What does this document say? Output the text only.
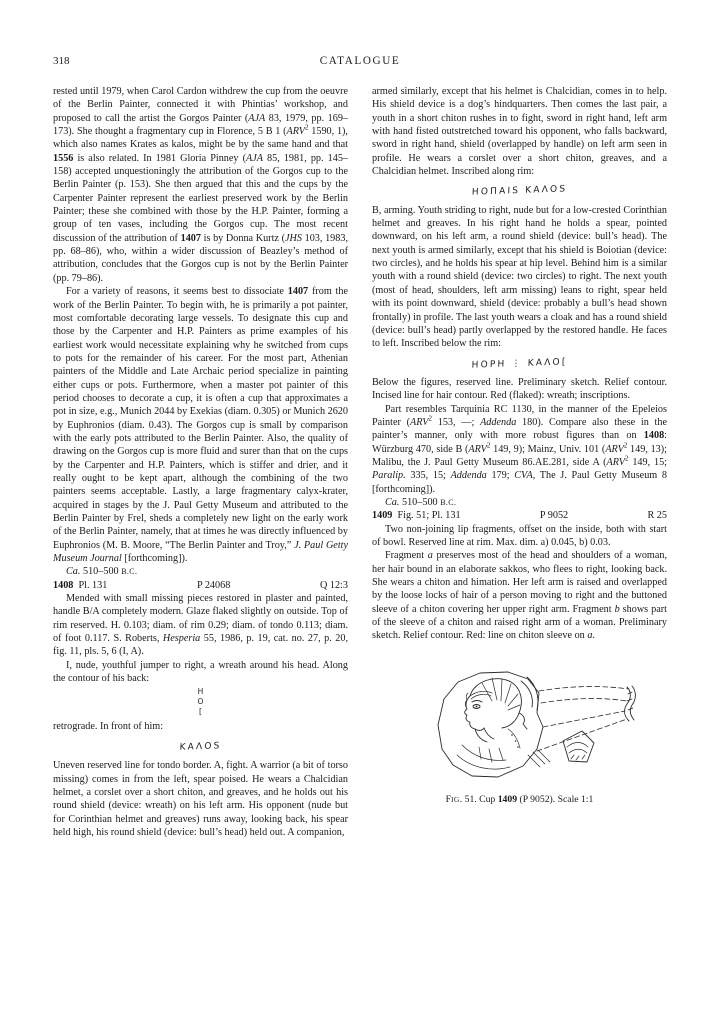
318	CATALOGUE

rested until 1979, when Carol Cardon withdrew the cup from the oeuvre of the Berlin Painter, connected it with Phintias’ workshop, and proposed to call the artist the Gorgos Painter (AJA 83, 1979, pp. 169–173). She thought a fragmentary cup in Florence, 5 B 1 (ARV$^2$ 1590, 1), which also names Krates as kalos, might be by the same hand and that 1556 is also related. In 1981 Gloria Pinney (AJA 85, 1981, pp. 145–158) accepted unquestioningly the attribution of the Gorgos cup to the Berlin Painter (p. 153). She then argued that this and the cups by the Carpenter Painter represent the earliest preserved work by the Berlin Painter; these she combined with those by the H.P. Painter, forming a group of ten vases, including the Gorgos cup. The most recent discussion of the attribution of 1407 is by Donna Kurtz (JHS 103, 1983, pp. 68–86), who, within a wider discussion of Beazley’s method of attribution, concludes that the Gorgos cup is not by the Berlin Painter (pp. 79–86).

For a variety of reasons, it seems best to dissociate 1407 from the work of the Berlin Painter. To begin with, he is primarily a pot painter, most comfortable decorating large vessels. To designate this cup and those by the Carpenter and H.P. Painters as prime examples of his earliest work would necessitate explaining why he switched from cups to pots for the remainder of his career. For the most part, Athenian painters of the Middle and Late Archaic period specialize in painting either cups or pots. Furthermore, when a master pot painter of this period chooses to decorate a cup, it is often a cup that approximates a pot in size, e.g., Munich 2044 by Exekias (diam. 0.305) or Munich 2620 by Euphronios (diam. 0.43). The Gorgos cup is small by comparison with the early pots attributed to the Berlin Painter. Also, the quality of drawing on the Gorgos cup is more fluid and surer than that on the cups by the Carpenter and H.P. Painters, which is stiffer and drier, and it really ought to be kept apart, although the combining of the two painters seems acceptable. Lastly, a large fragmentary calyx-krater, acquired in stages by the J. Paul Getty Museum and attributed to the Berlin Painter by Frel, sheds a completely new light on the early work of the Berlin Painter, namely, that at times he was directly influenced by Euphronios (M. B. Moore, “The Berlin Painter and Troy,” J. Paul Getty Museum Journal [forthcoming]).

Ca. 510–500 B.C.

1408 Pl. 131	P 24068	Q 12:3

Mended with small missing pieces restored in plaster and painted, handle B/A completely modern. Glaze flaked slightly on outside. Top of rim reserved. H. 0.103; diam. of rim 0.29; diam. of tondo 0.113; diam. of foot 0.117. S. Roberts, Hesperia 55, 1986, p. 19, cat. no. 27, p. 20, fig. 11, pls. 5, 6 (I, A).

I, nude, youthful jumper to right, a wreath around his head. Along the contour of his back:

ΗΟ[

retrograde. In front of him:

ΚΑΛΟS

Uneven reserved line for tondo border. A, fight. A warrior (a bit of torso missing) comes in from the left, spear poised. He wears a Chalcidian helmet, a corslet over a short chiton, and greaves, and he holds out his round shield (device: wreath) on his left arm. His opponent (nude but for Corinthian helmet and greaves) runs away, looking back, his spear held high, his round shield (device: bull’s head) held out. A companion,

armed similarly, except that his helmet is Chalcidian, comes in to help. His shield device is a dog’s hindquarters. Then comes the last pair, a youth in a short chiton rushes in to fight, sword in right hand, left arm with hand fisted outstretched toward his opponent, who falls backward, sword in right hand, shield (overlapped by handle) on left arm seen in profile. He wears a corslet over a short chiton, greaves, and a Chalcidian helmet. Inscribed along rim:

ΗΟΠΑΙS ΚΑΛΟS

B, arming. Youth striding to right, nude but for a low-crested Corinthian helmet and greaves. In his right hand he holds a spear, pointed downward, on his left arm, a round shield (device: bull’s head). The next youth is armed similarly, except that his shield is Boiotian (device: two circles), and he holds his spear at hip level. Behind him is a similar youth with a round shield (device: two circles) to right. The next youth (most of head, shoulders, left arm missing) leans to right, spear held with its point downward, shield (device: probably a bull’s head shown frontally) in profile. The last youth wears a cloak and has a round shield (device: bull’s head) partly overlapped by the restored handle. He faces to left. Inscribed below the rim:

ΗΟΡΗ ⋮ ΚΑΛΟ[

Below the figures, reserved line. Preliminary sketch. Relief contour. Incised line for hair contour. Red (flaked): wreath; inscriptions.

Part resembles Tarquinia RC 1130, in the manner of the Epeleios Painter (ARV$^2$ 153, —; Addenda 180). Compare also these in the painter’s manner, only with more robust figures than on 1408: Würzburg 470, side B (ARV$^2$ 149, 9); Mainz, Univ. 101 (ARV$^2$ 149, 13); Malibu, the J. Paul Getty Museum 86.AE.281, side A (ARV$^2$ 149, 15; Paralip. 335, 15; Addenda 179; CVA, The J. Paul Getty Museum 8 [forthcoming]).

Ca. 510–500 B.C.

1409 Fig. 51; Pl. 131	P 9052	R 25

Two non-joining lip fragments, offset on the inside, both with start of bowl. Reserved line at rim. Max. dim. a) 0.045, b) 0.03.

Fragment a preserves most of the head and shoulders of a woman, her hair bound in an elaborate sakkos, who flees to right, looking back. She wears a chiton and himation. Her left arm is raised and overlapped by the loose locks of hair of a person moving to right and the buttoned sleeve of a chiton covering her upper right arm. Fragment b shows part of the sleeve of a chiton and raised right arm of a woman. Preliminary sketch. Relief contour. Red: line on chiton sleeve on a.

FIG. 51. Cup 1409 (P 9052). Scale 1:1
